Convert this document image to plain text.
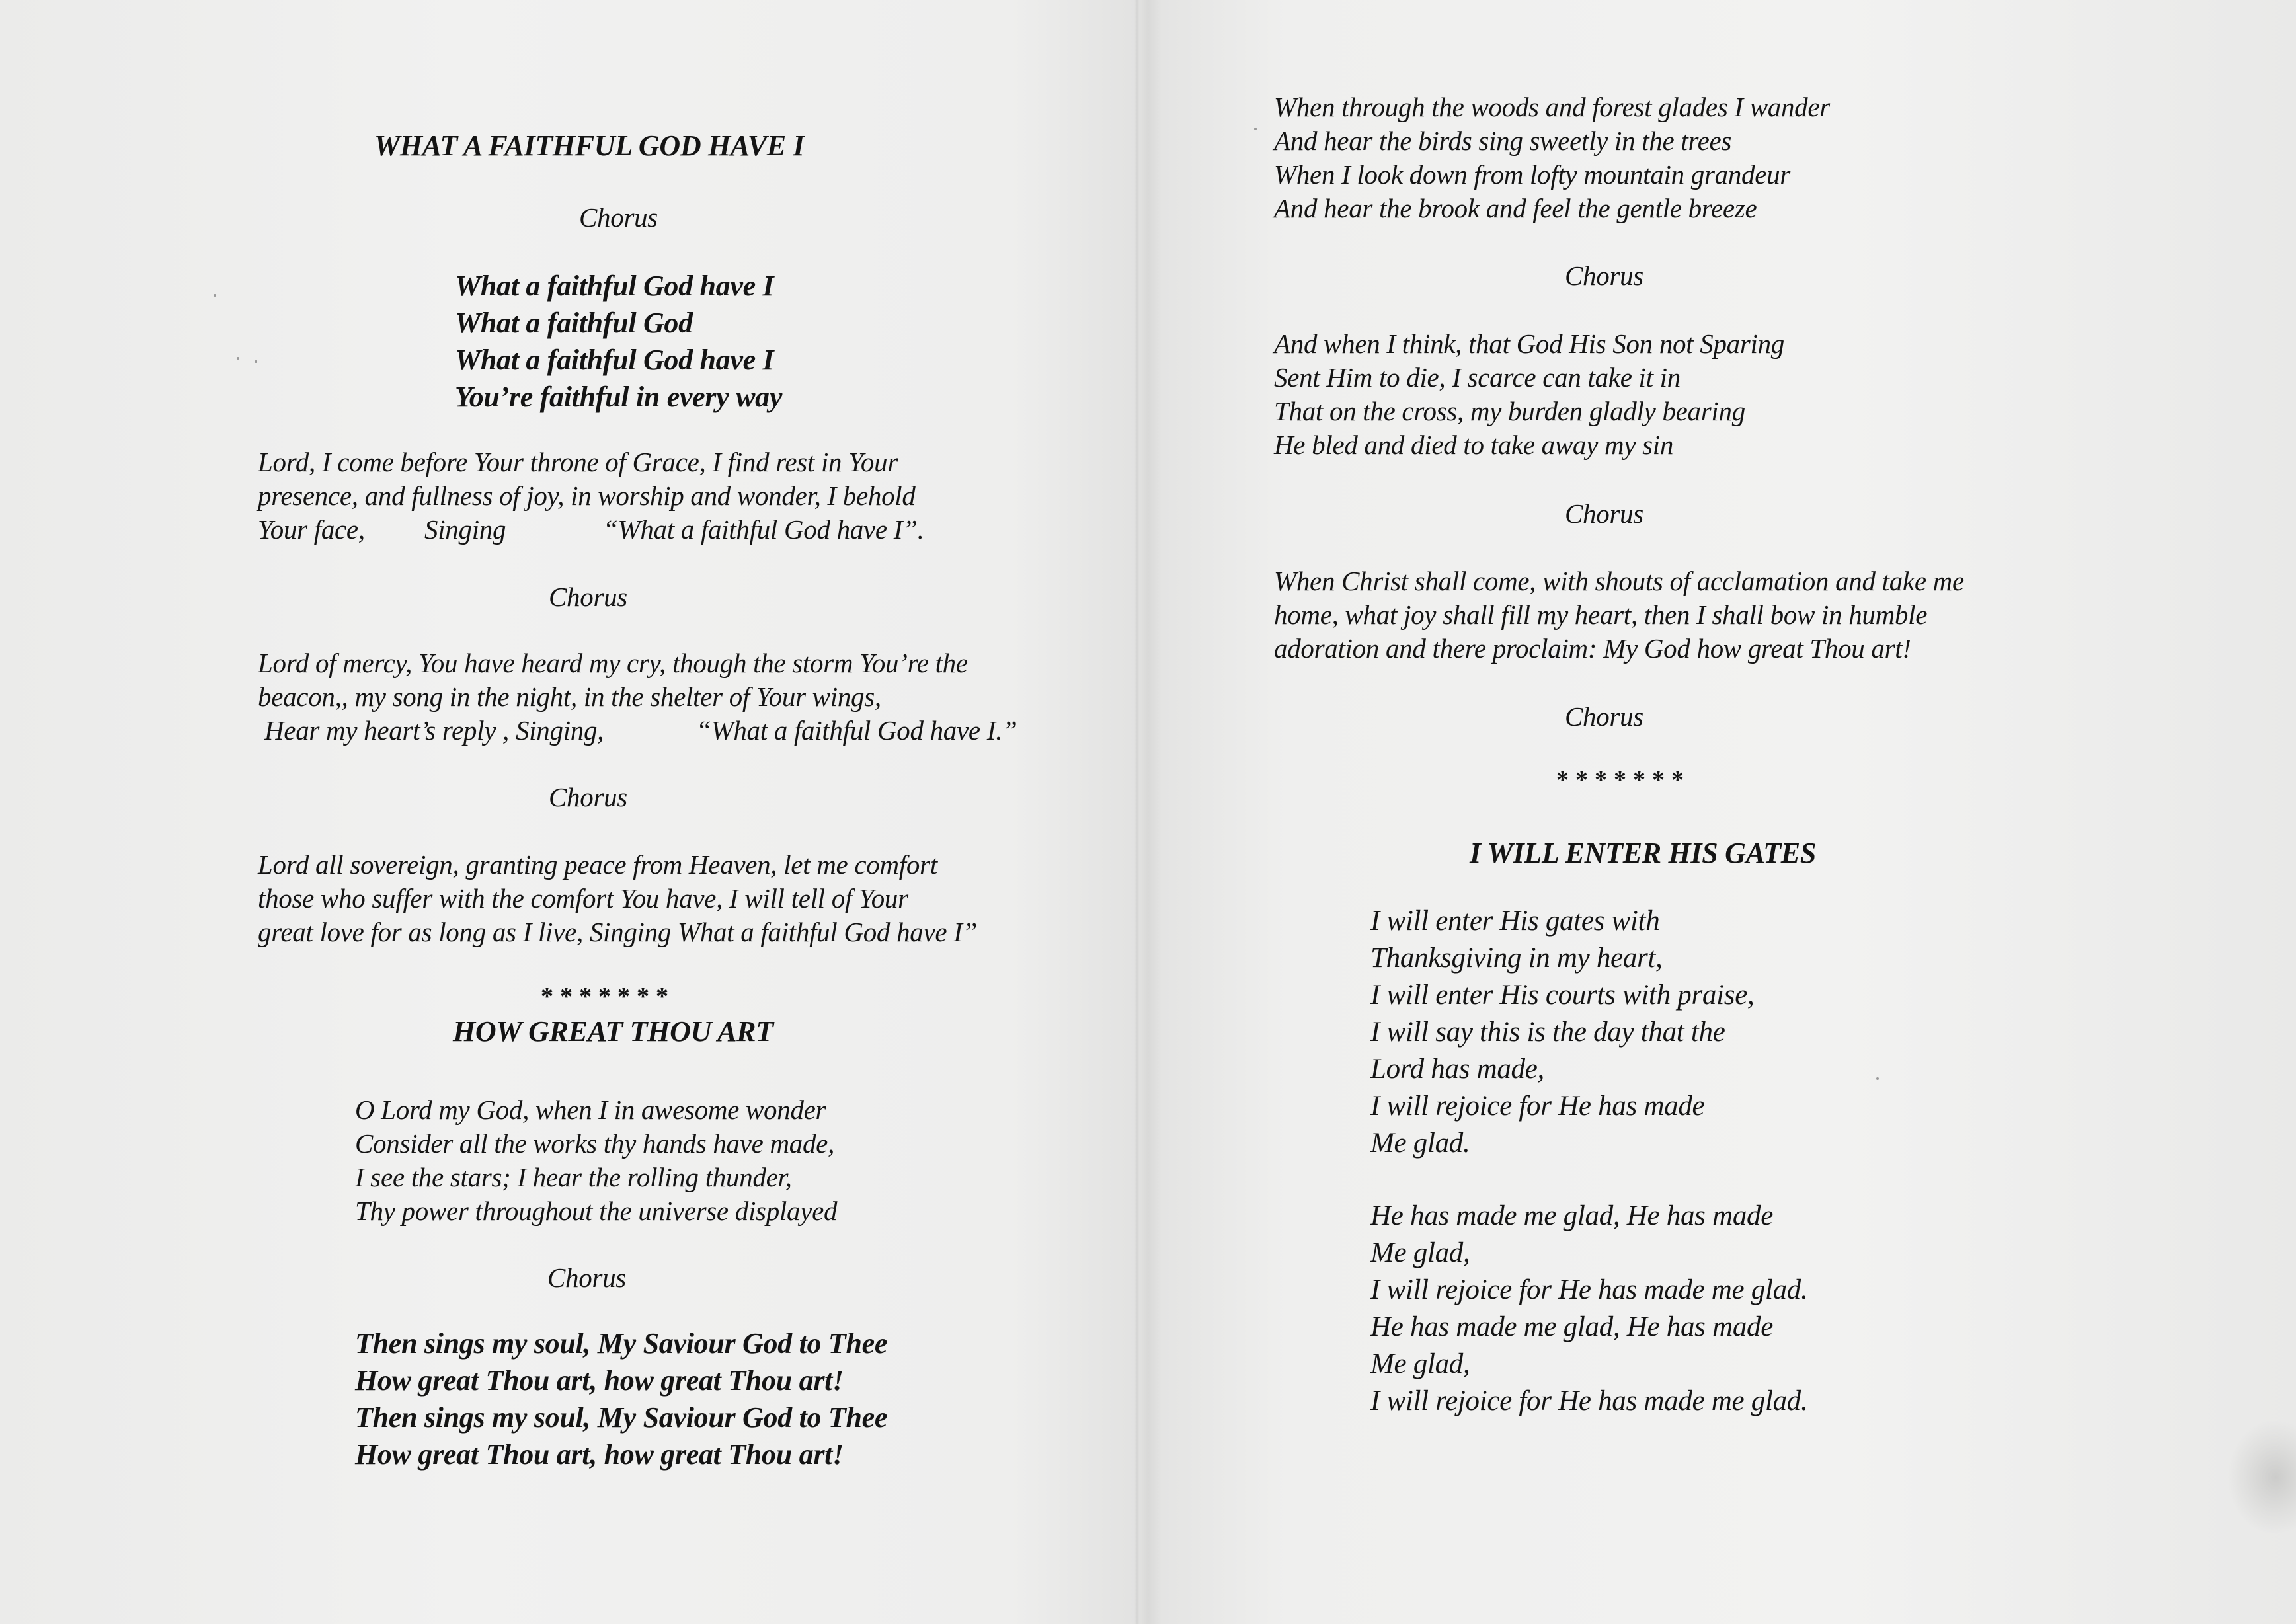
WHAT A FAITHFUL GOD HAVE I
Chorus
What a faithful God have I
What a faithful God
What a faithful God have I
You’re faithful in every way
Lord, I come before Your throne of Grace, I find rest in Your
presence, and fullness of joy, in worship and wonder, I behold
Your face, Singing	“What a faithful God have I”.
Chorus
Lord of mercy, You have heard my cry, though the storm You’re the
beacon,, my song in the night, in the shelter of Your wings,
Hear my heart’s reply , Singing,	“What a faithful God have I.”
Chorus
Lord all sovereign, granting peace from Heaven, let me comfort
those who suffer with the comfort You have, I will tell of Your
great love for as long as I live, Singing What a faithful God have I”
*******
HOW GREAT THOU ART
O Lord my God, when I in awesome wonder
Consider all the works thy hands have made,
I see the stars; I hear the rolling thunder,
Thy power throughout the universe displayed
Chorus
Then sings my soul, My Saviour God to Thee
How great Thou art, how great Thou art!
Then sings my soul, My Saviour God to Thee
How great Thou art, how great Thou art!
When through the woods and forest glades I wander
And hear the birds sing sweetly in the trees
When I look down from lofty mountain grandeur
And hear the brook and feel the gentle breeze
Chorus
And when I think, that God His Son not Sparing
Sent Him to die, I scarce can take it in
That on the cross, my burden gladly bearing
He bled and died to take away my sin
Chorus
When Christ shall come, with shouts of acclamation and take me
home, what joy shall fill my heart, then I shall bow in humble
adoration and there proclaim: My God how great Thou art!
Chorus
*******
I WILL ENTER HIS GATES
I will enter His gates with
Thanksgiving in my heart,
I will enter His courts with praise,
I will say this is the day that the
Lord has made,
I will rejoice for He has made
Me glad.
He has made me glad, He has made
Me glad,
I will rejoice for He has made me glad.
He has made me glad, He has made
Me glad,
I will rejoice for He has made me glad.
